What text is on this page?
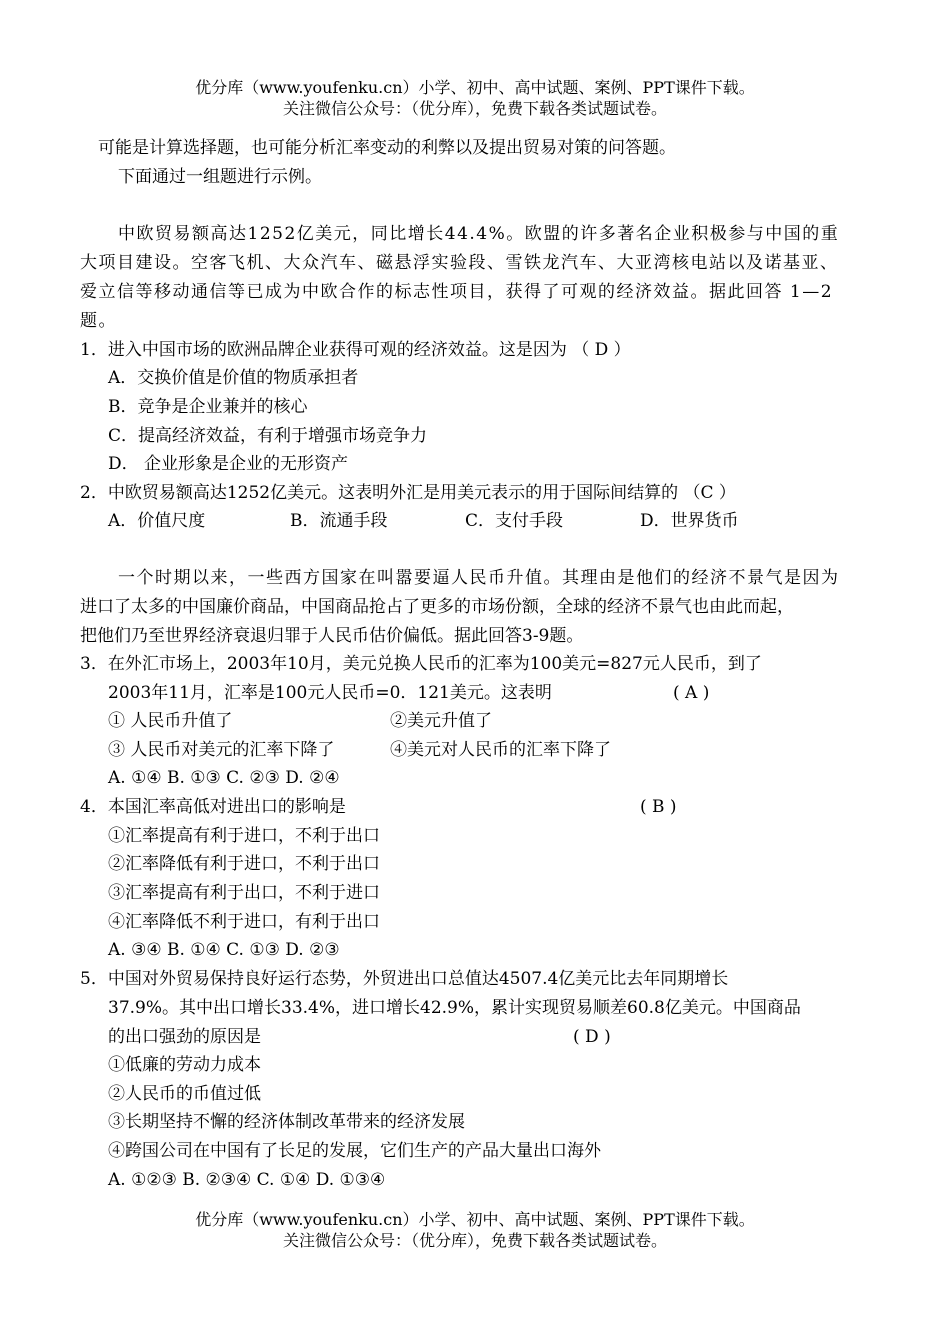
优分库（www.youfenku.cn）小学、初中、高中试题、案例、PPT课件下载。
关注微信公众号：（优分库），免费下载各类试题试卷。
可能是计算选择题，也可能分析汇率变动的利弊以及提出贸易对策的问答题。
下面通过一组题进行示例。
中欧贸易额高达1252亿美元，同比增长44.4%。欧盟的许多著名企业积极参与中国的重
大项目建设。空客飞机、大众汽车、磁悬浮实验段、雪铁龙汽车、大亚湾核电站以及诺基亚、
爱立信等移动通信等已成为中欧合作的标志性项目，获得了可观的经济效益。据此回答 1—2
题。
1．进入中国市场的欧洲品牌企业获得可观的经济效益。这是因为 （ D ）
A．交换价值是价值的物质承担者
B．竞争是企业兼并的核心
C．提高经济效益，有利于增强市场竞争力
D． 企业形象是企业的无形资产
2．中欧贸易额高达1252亿美元。这表明外汇是用美元表示的用于国际间结算的 （C ）
A．价值尺度	B．流通手段	C．支付手段	D．世界货币
一个时期以来，一些西方国家在叫嚣要逼人民币升值。其理由是他们的经济不景气是因为
进口了太多的中国廉价商品，中国商品抢占了更多的市场份额，全球的经济不景气也由此而起，
把他们乃至世界经济衰退归罪于人民币估价偏低。据此回答3-9题。
3．在外汇市场上，2003年10月，美元兑换人民币的汇率为100美元=827元人民币，到了
2003年11月，汇率是100元人民币=0．121美元。这表明	( A )
① 人民币升值了	②美元升值了
③ 人民币对美元的汇率下降了	④美元对人民币的汇率下降了
A. ①④ B. ①③ C. ②③ D. ②④
4．本国汇率高低对进出口的影响是	( B )
①汇率提高有利于进口，不利于出口
②汇率降低有利于进口，不利于出口
③汇率提高有利于出口，不利于进口
④汇率降低不利于进口，有利于出口
A. ③④ B. ①④ C. ①③ D. ②③
5．中国对外贸易保持良好运行态势，外贸进出口总值达4507.4亿美元比去年同期增长
37.9%。其中出口增长33.4%，进口增长42.9%，累计实现贸易顺差60.8亿美元。中国商品
的出口强劲的原因是	( D )
①低廉的劳动力成本
②人民币的币值过低
③长期坚持不懈的经济体制改革带来的经济发展
④跨国公司在中国有了长足的发展，它们生产的产品大量出口海外
A. ①②③ B. ②③④ C. ①④ D. ①③④
优分库（www.youfenku.cn）小学、初中、高中试题、案例、PPT课件下载。
关注微信公众号：（优分库），免费下载各类试题试卷。
